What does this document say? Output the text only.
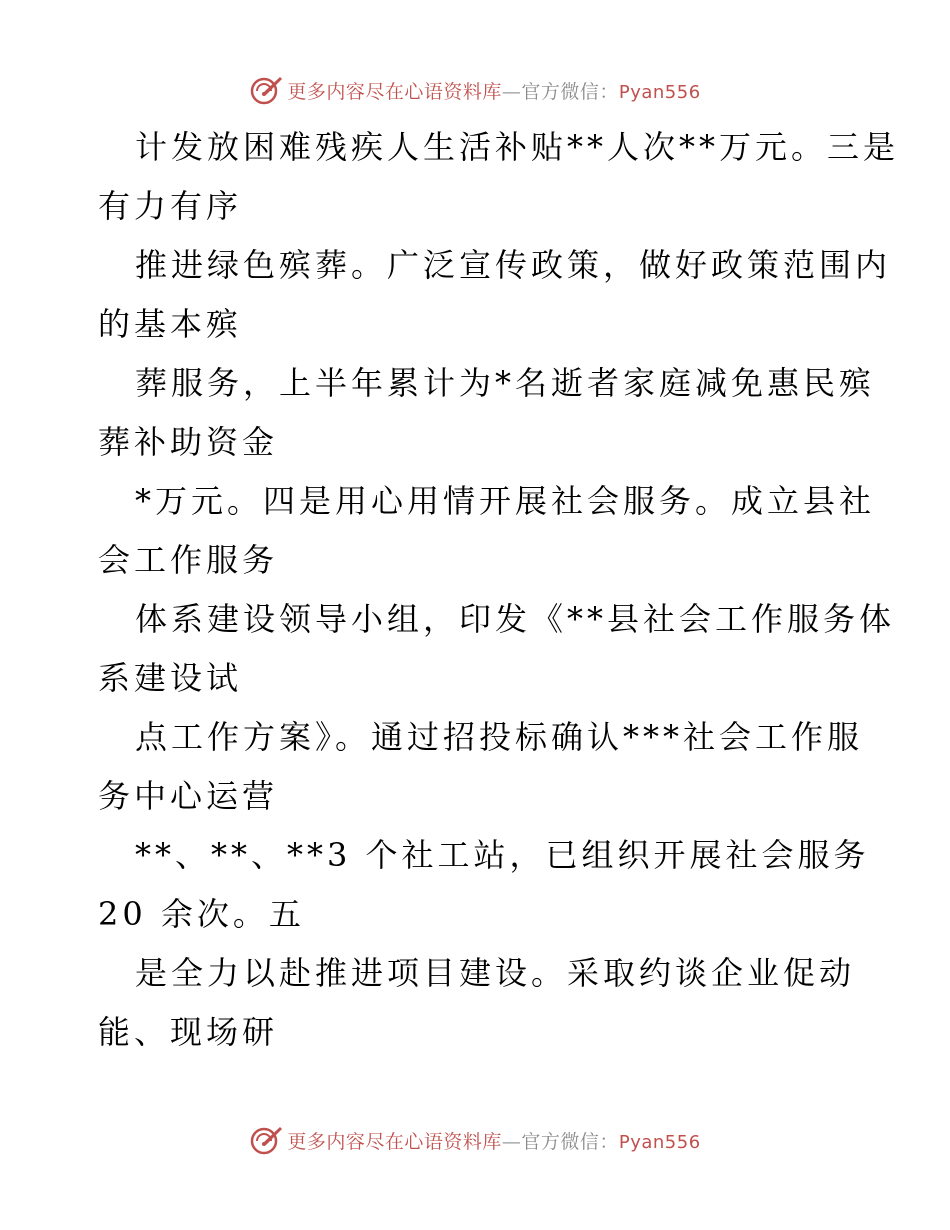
更多内容尽在心语资料库—官方微信：Pyan556
计发放困难残疾人生活补贴**人次**万元。三是
有力有序
推进绿色殡葬。广泛宣传政策，做好政策范围内
的基本殡
葬服务，上半年累计为*名逝者家庭减免惠民殡
葬补助资金
*万元。四是用心用情开展社会服务。成立县社
会工作服务
体系建设领导小组，印发《**县社会工作服务体
系建设试
点工作方案》。通过招投标确认***社会工作服
务中心运营
**、**、**3 个社工站，已组织开展社会服务
20 余次。五
是全力以赴推进项目建设。采取约谈企业促动
能、现场研
更多内容尽在心语资料库—官方微信：Pyan556
